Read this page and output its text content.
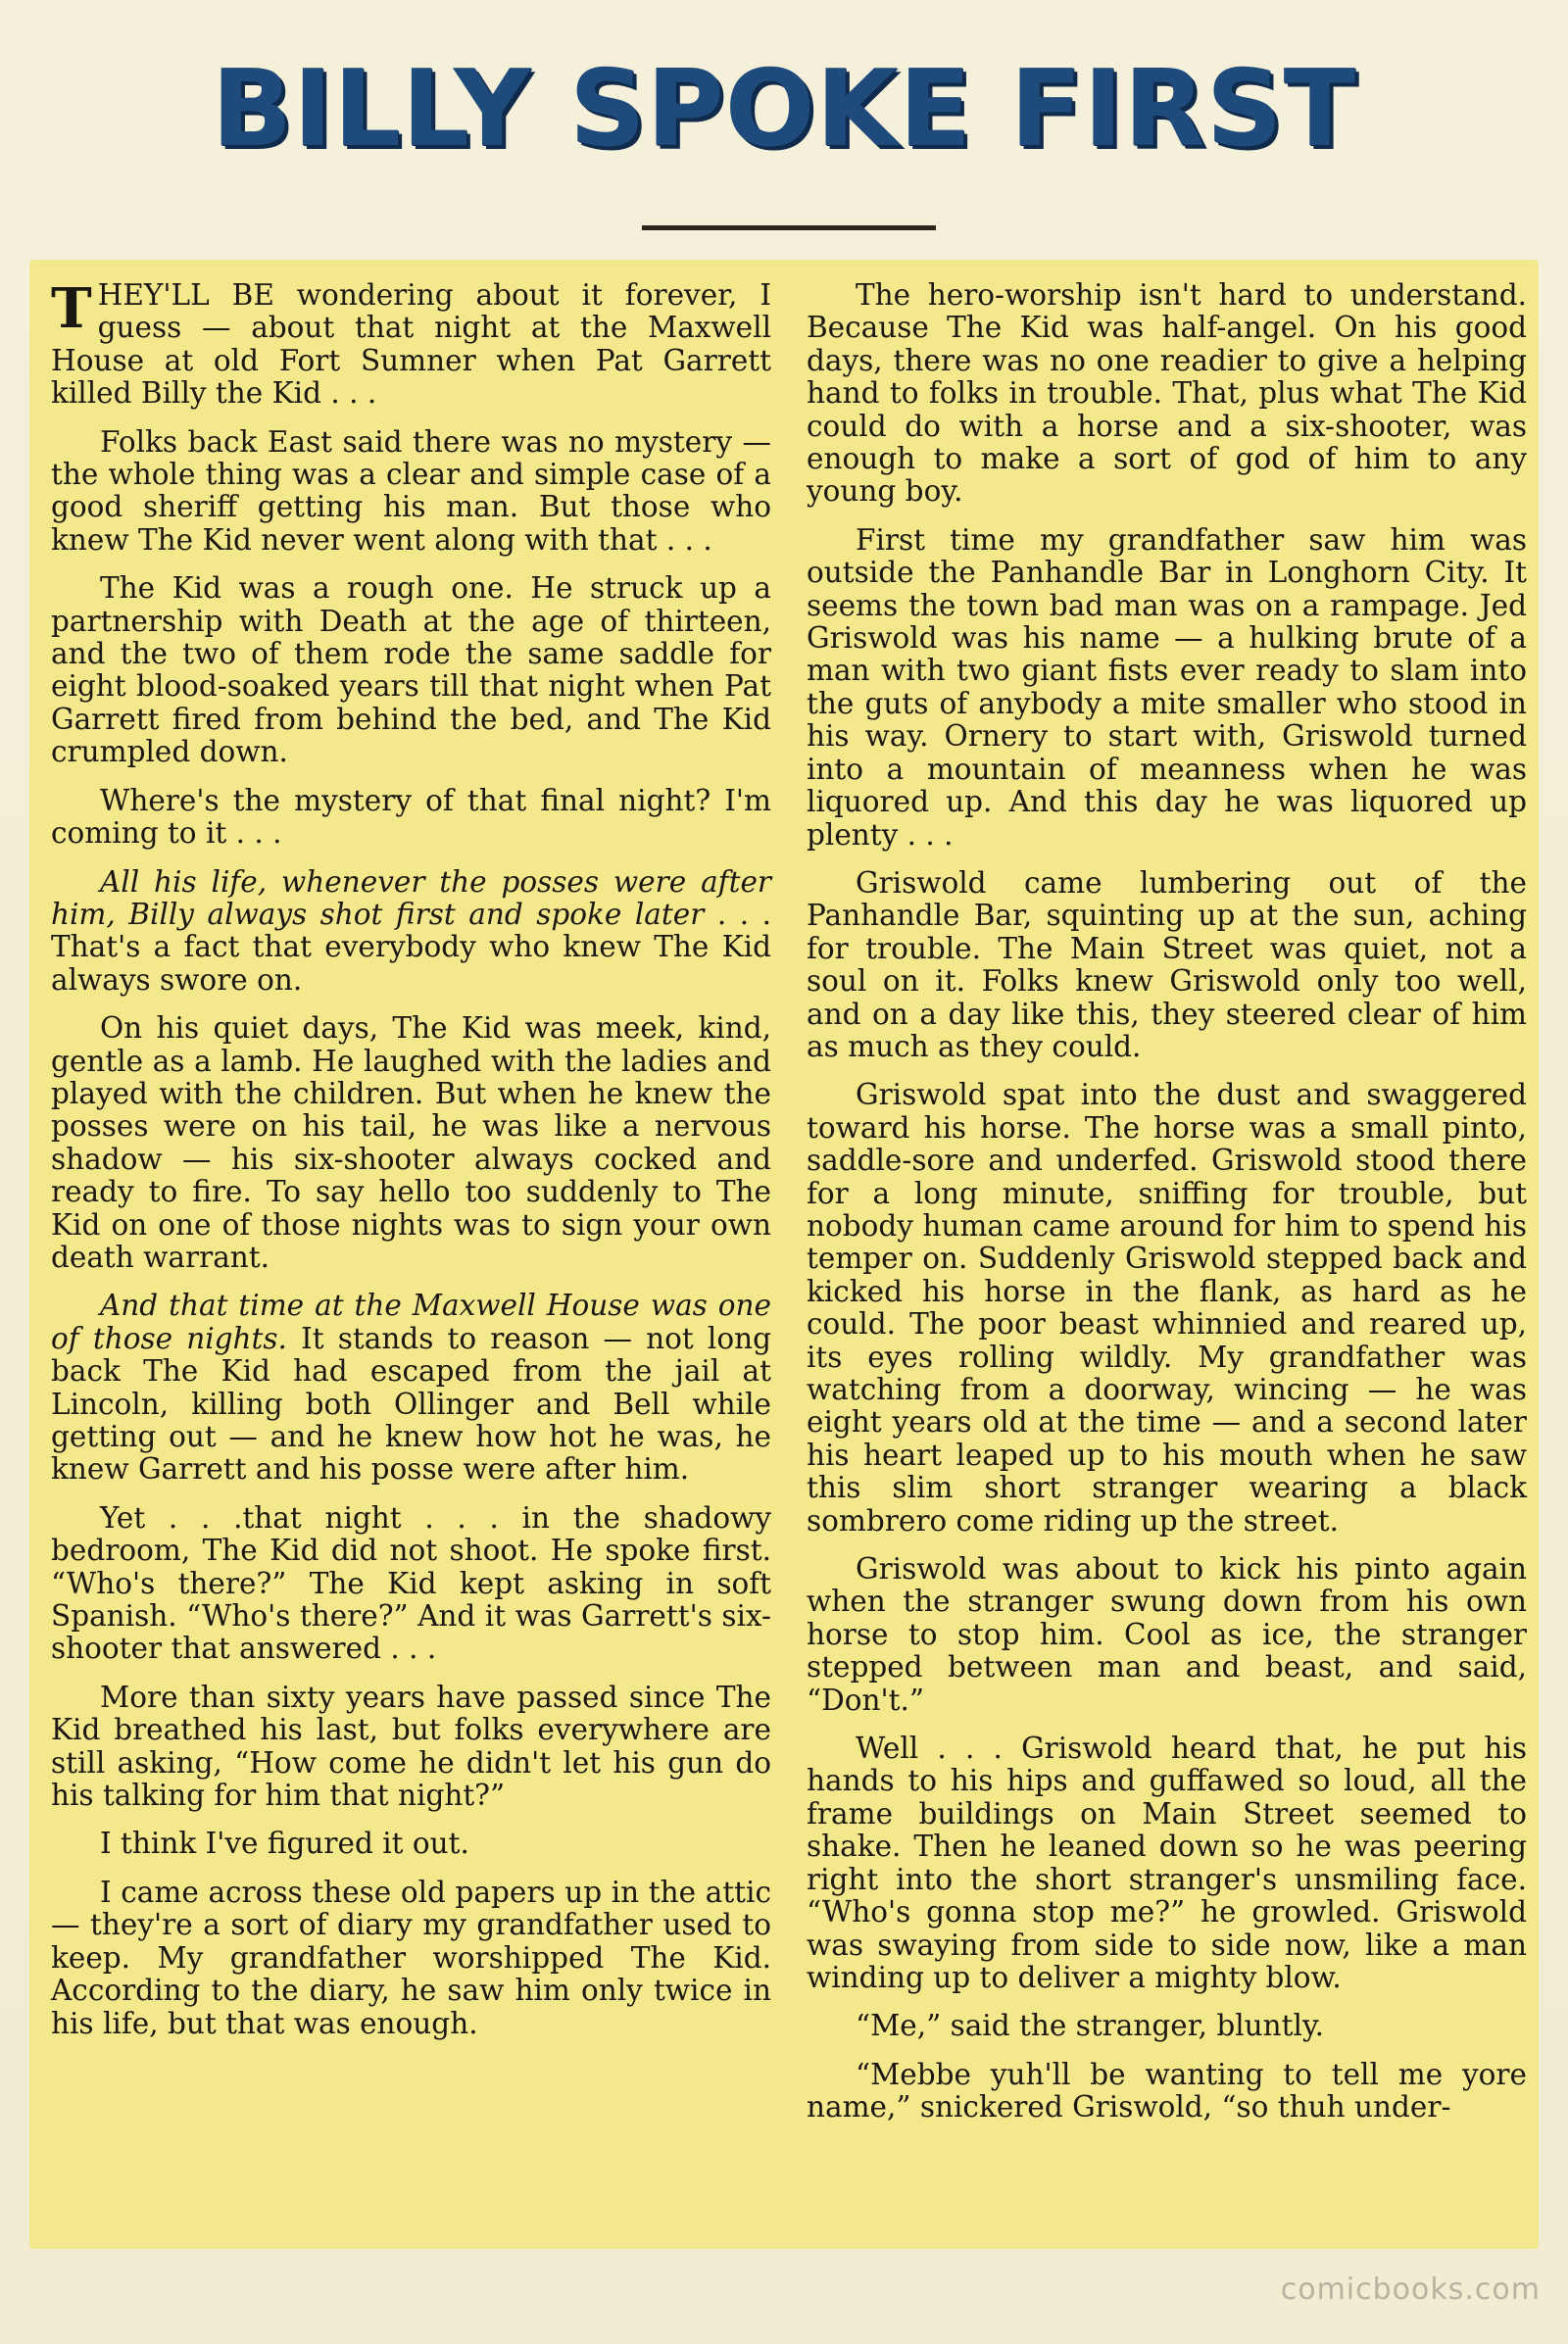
BILLY SPOKE FIRST

THEY'LL BE wondering about it forever, I guess — about that night at the Maxwell House at old Fort Sumner when Pat Garrett killed Billy the Kid . . .

Folks back East said there was no mystery — the whole thing was a clear and simple case of a good sheriff getting his man. But those who knew The Kid never went along with that . . .

The Kid was a rough one. He struck up a partnership with Death at the age of thirteen, and the two of them rode the same saddle for eight blood-soaked years till that night when Pat Garrett fired from behind the bed, and The Kid crumpled down.

Where's the mystery of that final night? I'm coming to it . . .

All his life, whenever the posses were after him, Billy always shot first and spoke later . . . That's a fact that everybody who knew The Kid always swore on.

On his quiet days, The Kid was meek, kind, gentle as a lamb. He laughed with the ladies and played with the children. But when he knew the posses were on his tail, he was like a nervous shadow — his six-shooter always cocked and ready to fire. To say hello too suddenly to The Kid on one of those nights was to sign your own death warrant.

And that time at the Maxwell House was one of those nights. It stands to reason — not long back The Kid had escaped from the jail at Lincoln, killing both Ollinger and Bell while getting out — and he knew how hot he was, he knew Garrett and his posse were after him.

Yet . . .that night . . . in the shadowy bedroom, The Kid did not shoot. He spoke first. “Who's there?” The Kid kept asking in soft Spanish. “Who's there?” And it was Garrett's six-shooter that answered . . .

More than sixty years have passed since The Kid breathed his last, but folks everywhere are still asking, “How come he didn't let his gun do his talking for him that night?”

I think I've figured it out.

I came across these old papers up in the attic — they're a sort of diary my grandfather used to keep. My grandfather worshipped The Kid. According to the diary, he saw him only twice in his life, but that was enough.

The hero-worship isn't hard to understand. Because The Kid was half-angel. On his good days, there was no one readier to give a helping hand to folks in trouble. That, plus what The Kid could do with a horse and a six-shooter, was enough to make a sort of god of him to any young boy.

First time my grandfather saw him was outside the Panhandle Bar in Longhorn City. It seems the town bad man was on a rampage. Jed Griswold was his name — a hulking brute of a man with two giant fists ever ready to slam into the guts of anybody a mite smaller who stood in his way. Ornery to start with, Griswold turned into a mountain of meanness when he was liquored up. And this day he was liquored up plenty . . .

Griswold came lumbering out of the Panhandle Bar, squinting up at the sun, aching for trouble. The Main Street was quiet, not a soul on it. Folks knew Griswold only too well, and on a day like this, they steered clear of him as much as they could.

Griswold spat into the dust and swaggered toward his horse. The horse was a small pinto, saddle-sore and underfed. Griswold stood there for a long minute, sniffing for trouble, but nobody human came around for him to spend his temper on. Suddenly Griswold stepped back and kicked his horse in the flank, as hard as he could. The poor beast whinnied and reared up, its eyes rolling wildly. My grandfather was watching from a doorway, wincing — he was eight years old at the time — and a second later his heart leaped up to his mouth when he saw this slim short stranger wearing a black sombrero come riding up the street.

Griswold was about to kick his pinto again when the stranger swung down from his own horse to stop him. Cool as ice, the stranger stepped between man and beast, and said, “Don't.”

Well . . . Griswold heard that, he put his hands to his hips and guffawed so loud, all the frame buildings on Main Street seemed to shake. Then he leaned down so he was peering right into the short stranger's unsmiling face. “Who's gonna stop me?” he growled. Griswold was swaying from side to side now, like a man winding up to deliver a mighty blow.

“Me,” said the stranger, bluntly.

“Mebbe yuh'll be wanting to tell me yore name,” snickered Griswold, “so thuh under-

comicbooks.com
